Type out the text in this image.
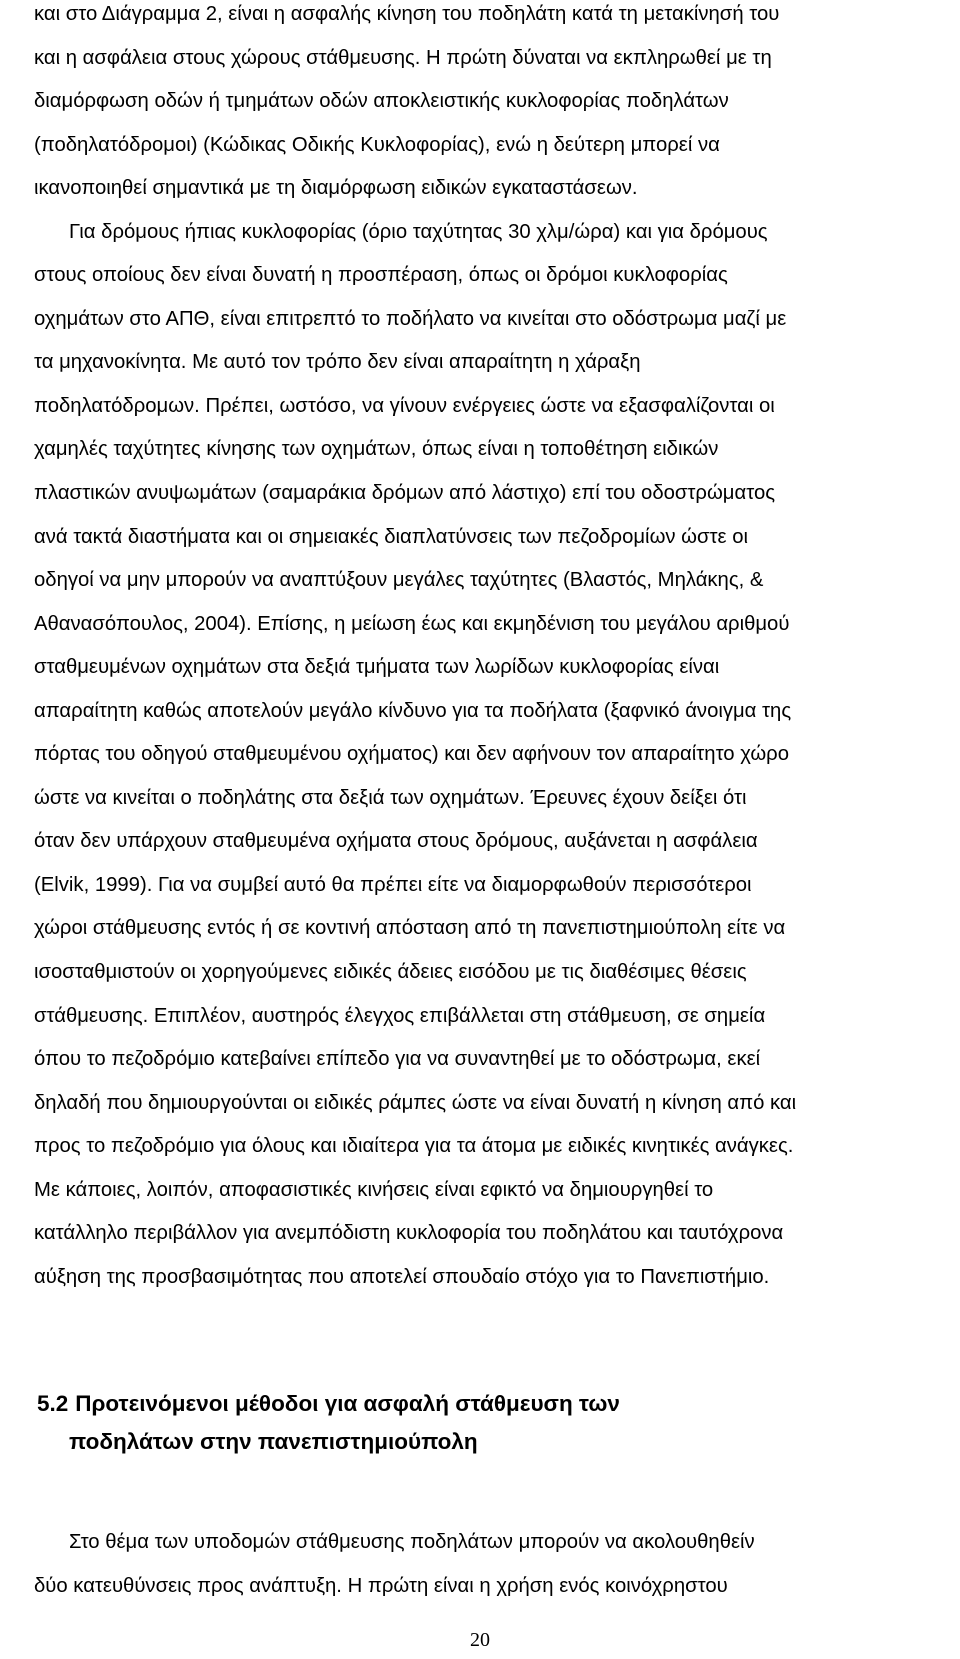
και στο Διάγραμμα 2, είναι η ασφαλής κίνηση του ποδηλάτη κατά τη μετακίνησή του
και η ασφάλεια στους χώρους στάθμευσης. Η πρώτη δύναται να εκπληρωθεί με τη
διαμόρφωση οδών ή τμημάτων οδών αποκλειστικής κυκλοφορίας ποδηλάτων
(ποδηλατόδρομοι) (Κώδικας Οδικής Κυκλοφορίας), ενώ η δεύτερη μπορεί να
ικανοποιηθεί σημαντικά με τη διαμόρφωση ειδικών εγκαταστάσεων.
Για δρόμους ήπιας κυκλοφορίας (όριο ταχύτητας 30 χλμ/ώρα) και για δρόμους
στους οποίους δεν είναι δυνατή η προσπέραση, όπως οι δρόμοι κυκλοφορίας
οχημάτων στο ΑΠΘ, είναι επιτρεπτό το ποδήλατο να κινείται στο οδόστρωμα μαζί με
τα μηχανοκίνητα. Με αυτό τον τρόπο δεν είναι απαραίτητη η χάραξη
ποδηλατόδρομων. Πρέπει, ωστόσο, να γίνουν ενέργειες ώστε να εξασφαλίζονται οι
χαμηλές ταχύτητες κίνησης των οχημάτων, όπως είναι η τοποθέτηση ειδικών
πλαστικών ανυψωμάτων (σαμαράκια δρόμων από λάστιχο) επί του οδοστρώματος
ανά τακτά διαστήματα και οι σημειακές διαπλατύνσεις των πεζοδρομίων ώστε οι
οδηγοί να μην μπορούν να αναπτύξουν μεγάλες ταχύτητες (Βλαστός, Μηλάκης, &
Αθανασόπουλος, 2004). Επίσης, η μείωση έως και εκμηδένιση του μεγάλου αριθμού
σταθμευμένων οχημάτων στα δεξιά τμήματα των λωρίδων κυκλοφορίας είναι
απαραίτητη καθώς αποτελούν μεγάλο κίνδυνο για τα ποδήλατα (ξαφνικό άνοιγμα της
πόρτας του οδηγού σταθμευμένου οχήματος) και δεν αφήνουν τον απαραίτητο χώρο
ώστε να κινείται ο ποδηλάτης στα δεξιά των οχημάτων. Έρευνες έχουν δείξει ότι
όταν δεν υπάρχουν σταθμευμένα οχήματα στους δρόμους, αυξάνεται η ασφάλεια
(Elvik, 1999). Για να συμβεί αυτό θα πρέπει είτε να διαμορφωθούν περισσότεροι
χώροι στάθμευσης εντός ή σε κοντινή απόσταση από τη πανεπιστημιούπολη είτε να
ισοσταθμιστούν οι χορηγούμενες ειδικές άδειες εισόδου με τις διαθέσιμες θέσεις
στάθμευσης. Επιπλέον, αυστηρός έλεγχος επιβάλλεται στη στάθμευση, σε σημεία
όπου το πεζοδρόμιο κατεβαίνει επίπεδο για να συναντηθεί με το οδόστρωμα, εκεί
δηλαδή που δημιουργούνται οι ειδικές ράμπες ώστε να είναι δυνατή η κίνηση από και
προς το πεζοδρόμιο για όλους και ιδιαίτερα για τα άτομα με ειδικές κινητικές ανάγκες.
Με κάποιες, λοιπόν, αποφασιστικές κινήσεις είναι εφικτό να δημιουργηθεί το
κατάλληλο περιβάλλον για ανεμπόδιστη κυκλοφορία του ποδηλάτου και ταυτόχρονα
αύξηση της προσβασιμότητας που αποτελεί σπουδαίο στόχο για το Πανεπιστήμιο.

5.2 Προτεινόμενοι μέθοδοι για ασφαλή στάθμευση των
ποδηλάτων στην πανεπιστημιούπολη

Στο θέμα των υποδομών στάθμευσης ποδηλάτων μπορούν να ακολουθηθείν
δύο κατευθύνσεις προς ανάπτυξη. Η πρώτη είναι η χρήση ενός κοινόχρηστου

20
